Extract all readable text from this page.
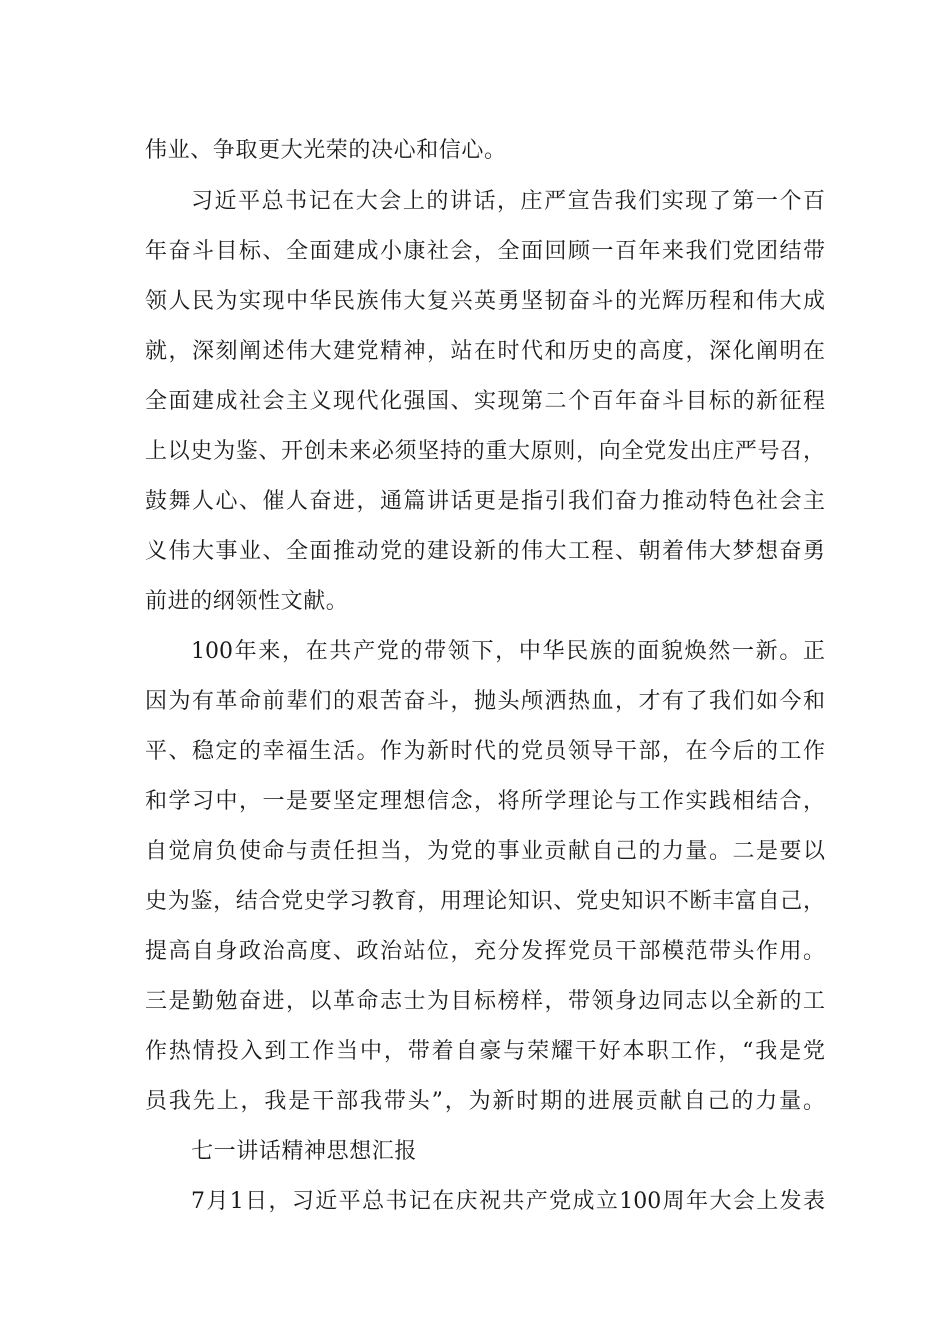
伟业、争取更大光荣的决心和信心。
习近平总书记在大会上的讲话，庄严宣告我们实现了第一个百
年奋斗目标、全面建成小康社会，全面回顾一百年来我们党团结带
领人民为实现中华民族伟大复兴英勇坚韧奋斗的光辉历程和伟大成
就，深刻阐述伟大建党精神，站在时代和历史的高度，深化阐明在
全面建成社会主义现代化强国、实现第二个百年奋斗目标的新征程
上以史为鉴、开创未来必须坚持的重大原则，向全党发出庄严号召，
鼓舞人心、催人奋进，通篇讲话更是指引我们奋力推动特色社会主
义伟大事业、全面推动党的建设新的伟大工程、朝着伟大梦想奋勇
前进的纲领性文献。
100年来，在共产党的带领下，中华民族的面貌焕然一新。正
因为有革命前辈们的艰苦奋斗，抛头颅洒热血，才有了我们如今和
平、稳定的幸福生活。作为新时代的党员领导干部，在今后的工作
和学习中，一是要坚定理想信念，将所学理论与工作实践相结合，
自觉肩负使命与责任担当，为党的事业贡献自己的力量。二是要以
史为鉴，结合党史学习教育，用理论知识、党史知识不断丰富自己，
提高自身政治高度、政治站位，充分发挥党员干部模范带头作用。
三是勤勉奋进，以革命志士为目标榜样，带领身边同志以全新的工
作热情投入到工作当中，带着自豪与荣耀干好本职工作，“我是党
员我先上，我是干部我带头”，为新时期的进展贡献自己的力量。
七一讲话精神思想汇报
7月1日，习近平总书记在庆祝共产党成立100周年大会上发表
